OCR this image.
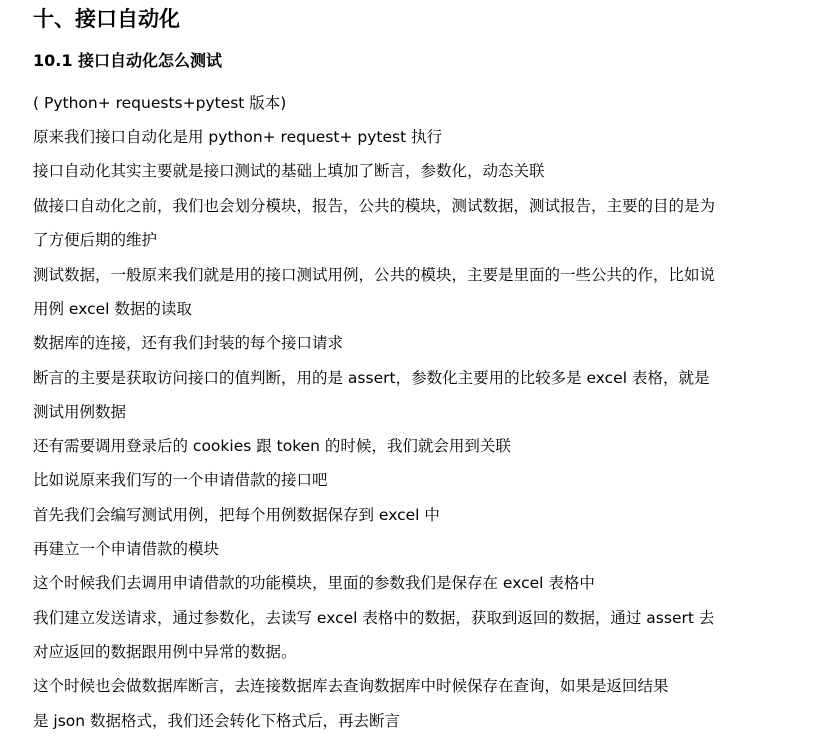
十、接口自动化
10.1 接口自动化怎么测试
( Python+ requests+pytest 版本)
原来我们接口自动化是用 python+ request+ pytest 执行
接口自动化其实主要就是接口测试的基础上填加了断言，参数化，动态关联
做接口自动化之前，我们也会划分模块，报告，公共的模块，测试数据，测试报告，主要的目的是为
了方便后期的维护
测试数据，一般原来我们就是用的接口测试用例，公共的模块，主要是里面的一些公共的作，比如说
用例 excel 数据的读取
数据库的连接，还有我们封装的每个接口请求
断言的主要是获取访问接口的值判断，用的是 assert，参数化主要用的比较多是 excel 表格，就是
测试用例数据
还有需要调用登录后的 cookies 跟 token 的时候，我们就会用到关联
比如说原来我们写的一个申请借款的接口吧
首先我们会编写测试用例，把每个用例数据保存到 excel 中
再建立一个申请借款的模块
这个时候我们去调用申请借款的功能模块，里面的参数我们是保存在 excel 表格中
我们建立发送请求，通过参数化，去读写 excel 表格中的数据，获取到返回的数据，通过 assert 去
对应返回的数据跟用例中异常的数据。
这个时候也会做数据库断言，去连接数据库去查询数据库中时候保存在查询，如果是返回结果
是 json 数据格式，我们还会转化下格式后，再去断言
